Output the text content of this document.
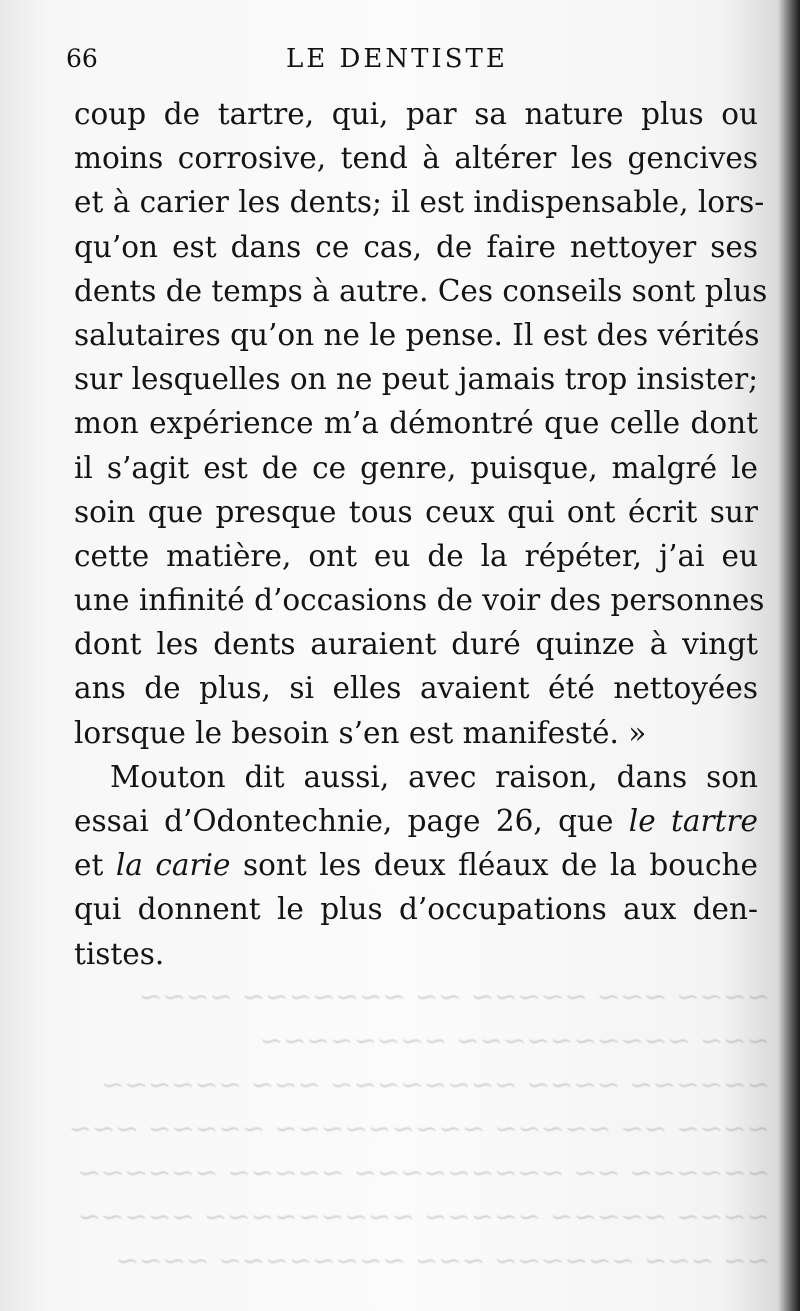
66	LE DENTISTE
coup de tartre, qui, par sa nature plus ou
moins corrosive, tend à altérer les gencives
et à carier les dents; il est indispensable, lors-
qu’on est dans ce cas, de faire nettoyer ses
dents de temps à autre. Ces conseils sont plus
salutaires qu’on ne le pense. Il est des vérités
sur lesquelles on ne peut jamais trop insister;
mon expérience m’a démontré que celle dont
il s’agit est de ce genre, puisque, malgré le
soin que presque tous ceux qui ont écrit sur
cette matière, ont eu de la répéter, j’ai eu
une infinité d’occasions de voir des personnes
dont les dents auraient duré quinze à vingt
ans de plus, si elles avaient été nettoyées
lorsque le besoin s’en est manifesté. »
Mouton dit aussi, avec raison, dans son
essai d’Odontechnie, page 26, que le tartre
et la carie sont les deux fléaux de la bouche
qui donnent le plus d’occupations aux den-
tistes.
∼∼∼∼ ∼∼∼ ∼∼∼∼∼ ∼∼ ∼∼∼∼∼∼∼ ∼∼∼∼
∼∼∼ ∼∼∼∼∼∼∼∼∼∼ ∼∼∼∼∼∼∼∼
∼∼∼∼∼∼ ∼∼∼∼ ∼∼∼∼∼∼∼∼ ∼∼∼ ∼∼∼∼∼∼
∼∼∼∼ ∼∼ ∼∼∼∼∼ ∼∼∼∼∼∼∼∼∼ ∼∼∼∼∼ ∼∼∼
∼∼∼∼∼∼ ∼∼ ∼∼∼∼∼∼∼∼∼ ∼∼∼∼∼ ∼∼∼∼∼∼
∼∼∼∼ ∼∼∼∼∼ ∼∼∼∼∼ ∼∼∼∼∼∼∼∼∼ ∼∼∼∼∼
∼∼ ∼∼∼ ∼∼∼∼∼∼ ∼∼∼ ∼∼∼∼∼∼∼∼ ∼∼∼∼
